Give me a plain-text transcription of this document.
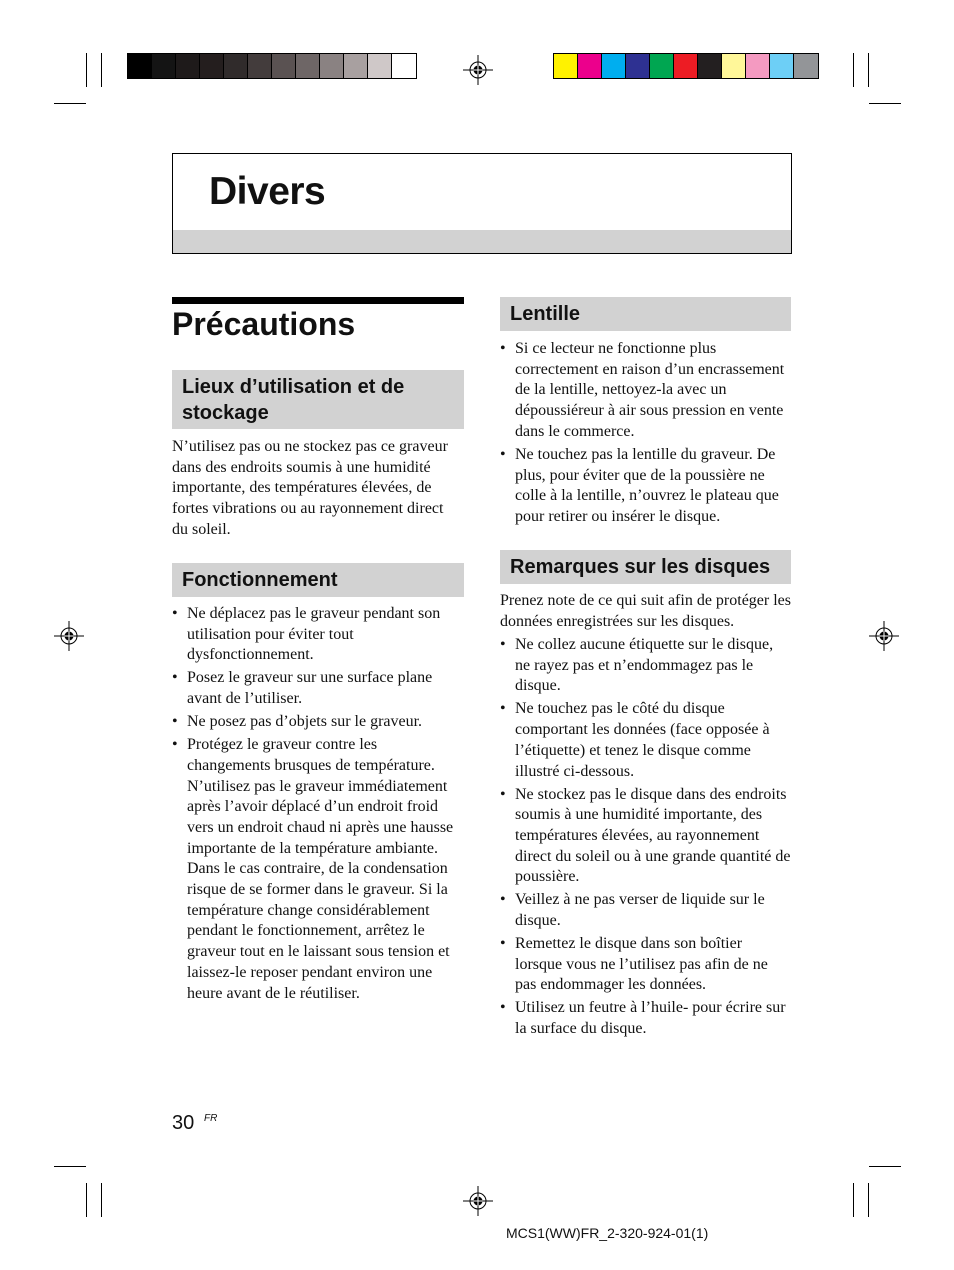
Divers
Précautions
Lieux d’utilisation et de stockage

N’utilisez pas ou ne stockez pas ce graveur dans des endroits soumis à une humidité importante, des températures élevées, de fortes vibrations ou au rayonnement direct du soleil.

Fonctionnement
• Ne déplacez pas le graveur pendant son utilisation pour éviter tout dysfonctionnement.
• Posez le graveur sur une surface plane avant de l’utiliser.
• Ne posez pas d’objets sur le graveur.
• Protégez le graveur contre les changements brusques de température. N’utilisez pas le graveur immédiatement après l’avoir déplacé d’un endroit froid vers un endroit chaud ni après une hausse importante de la température ambiante. Dans le cas contraire, de la condensation risque de se former dans le graveur. Si la température change considérablement pendant le fonctionnement, arrêtez le graveur tout en le laissant sous tension et laissez-le reposer pendant environ une heure avant de le réutiliser.
Lentille
• Si ce lecteur ne fonctionne plus correctement en raison d’un encrassement de la lentille, nettoyez-la avec un dépoussiéreur à air sous pression en vente dans le commerce.
• Ne touchez pas la lentille du graveur. De plus, pour éviter que de la poussière ne colle à la lentille, n’ouvrez le plateau que pour retirer ou insérer le disque.
Remarques sur les disques

Prenez note de ce qui suit afin de protéger les données enregistrées sur les disques.

• Ne collez aucune étiquette sur le disque, ne rayez pas et n’endommagez pas le disque.
• Ne touchez pas le côté du disque comportant les données (face opposée à l’étiquette) et tenez le disque comme illustré ci-dessous.
• Ne stockez pas le disque dans des endroits soumis à une humidité importante, des températures élevées, au rayonnement direct du soleil ou à une grande quantité de poussière.
• Veillez à ne pas verser de liquide sur le disque.
• Remettez le disque dans son boîtier lorsque vous ne l’utilisez pas afin de ne pas endommager les données.
• Utilisez un feutre à l’huile- pour écrire sur la surface du disque.
30 FR
MCS1(WW)FR_2-320-924-01(1)
